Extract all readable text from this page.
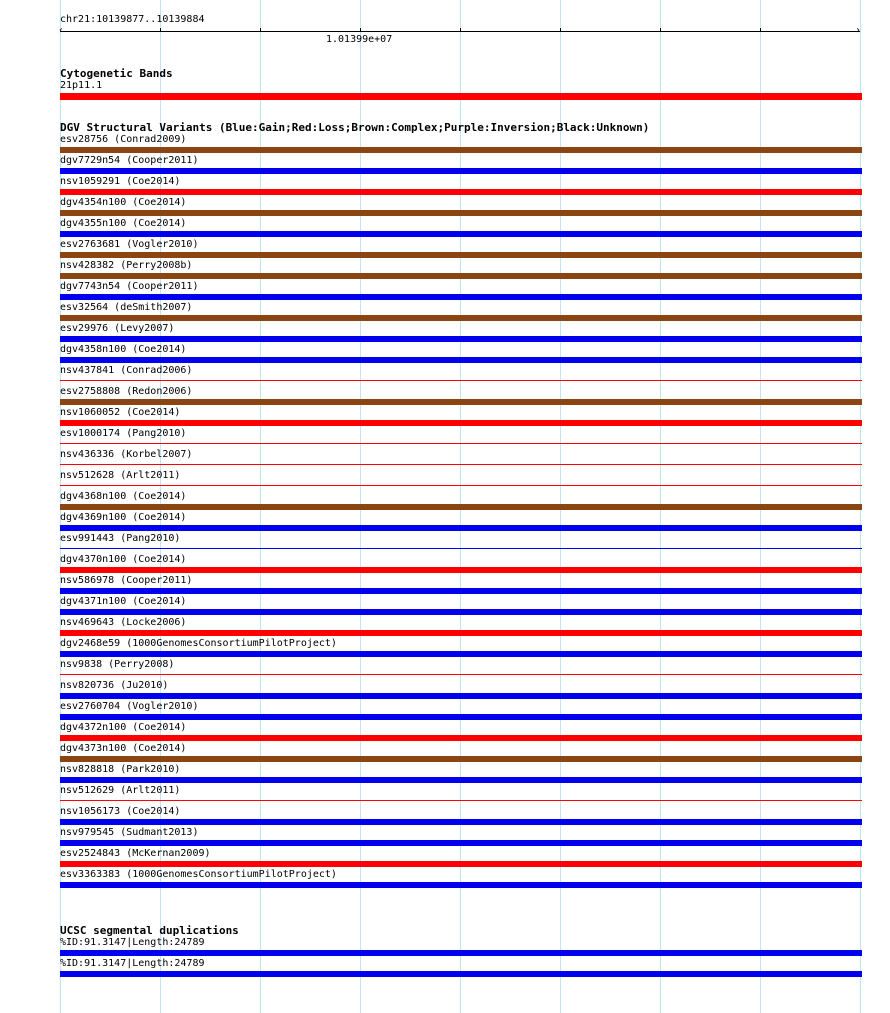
chr21:10139877..10139884
‹	›
1.01399e+07
Cytogenetic Bands
21p11.1
DGV Structural Variants (Blue:Gain;Red:Loss;Brown:Complex;Purple:Inversion;Black:Unknown)
esv28756 (Conrad2009)
dgv7729n54 (Cooper2011)
nsv1059291 (Coe2014)
dgv4354n100 (Coe2014)
dgv4355n100 (Coe2014)
esv2763681 (Vogler2010)
nsv428382 (Perry2008b)
dgv7743n54 (Cooper2011)
esv32564 (deSmith2007)
esv29976 (Levy2007)
dgv4358n100 (Coe2014)
nsv437841 (Conrad2006)
esv2758808 (Redon2006)
nsv1060052 (Coe2014)
esv1000174 (Pang2010)
nsv436336 (Korbel2007)
nsv512628 (Arlt2011)
dgv4368n100 (Coe2014)
dgv4369n100 (Coe2014)
esv991443 (Pang2010)
dgv4370n100 (Coe2014)
nsv586978 (Cooper2011)
dgv4371n100 (Coe2014)
nsv469643 (Locke2006)
dgv2468e59 (1000GenomesConsortiumPilotProject)
nsv9838 (Perry2008)
nsv820736 (Ju2010)
esv2760704 (Vogler2010)
dgv4372n100 (Coe2014)
dgv4373n100 (Coe2014)
nsv828818 (Park2010)
nsv512629 (Arlt2011)
nsv1056173 (Coe2014)
nsv979545 (Sudmant2013)
esv2524843 (McKernan2009)
esv3363383 (1000GenomesConsortiumPilotProject)
UCSC segmental duplications
%ID:91.3147|Length:24789
%ID:91.3147|Length:24789
